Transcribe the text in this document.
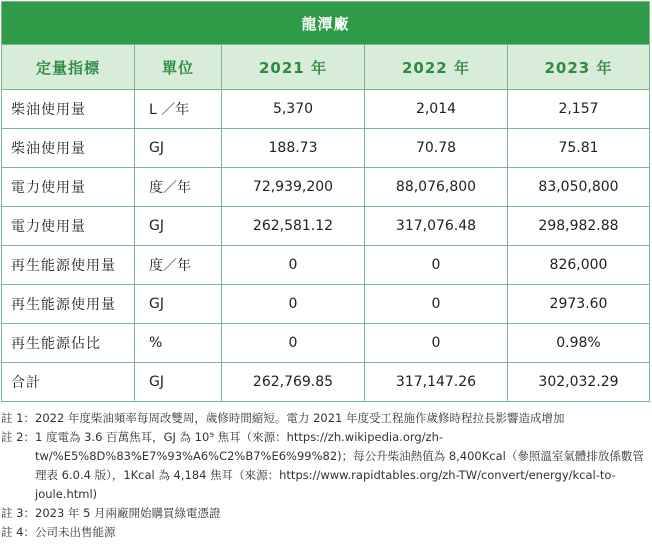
龍潭廠				
定量指標	單位	2021 年	2022 年	2023 年
柴油使用量	L ／年	5,370	2,014	2,157
柴油使用量	GJ	188.73	70.78	75.81
電力使用量	度／年	72,939,200	88,076,800	83,050,800
電力使用量	GJ	262,581.12	317,076.48	298,982.88
再生能源使用量	度／年	0	0	826,000
再生能源使用量	GJ	0	0	2973.60
再生能源佔比	%	0	0	0.98%
合計	GJ	262,769.85	317,147.26	302,032.29
註 1： 2022 年度柴油頻率每周改雙周，歲修時間縮短。電力 2021 年度受工程施作歲修時程拉長影響造成增加
註 2： 1 度電為 3.6 百萬焦耳，GJ 為 10⁹ 焦耳（來源：https://zh.wikipedia.org/zh-tw/%E5%8D%83%E7%93%A6%C2%B7%E6%99%82)；每公升柴油熱值為 8,400Kcal（參照溫室氣體排放係數管理表 6.0.4 版），1Kcal 為 4,184 焦耳（來源：https://www.rapidtables.org/zh-TW/convert/energy/kcal-to-joule.html)
註 3： 2023 年 5 月兩廠開始購買綠電憑證
註 4： 公司未出售能源
